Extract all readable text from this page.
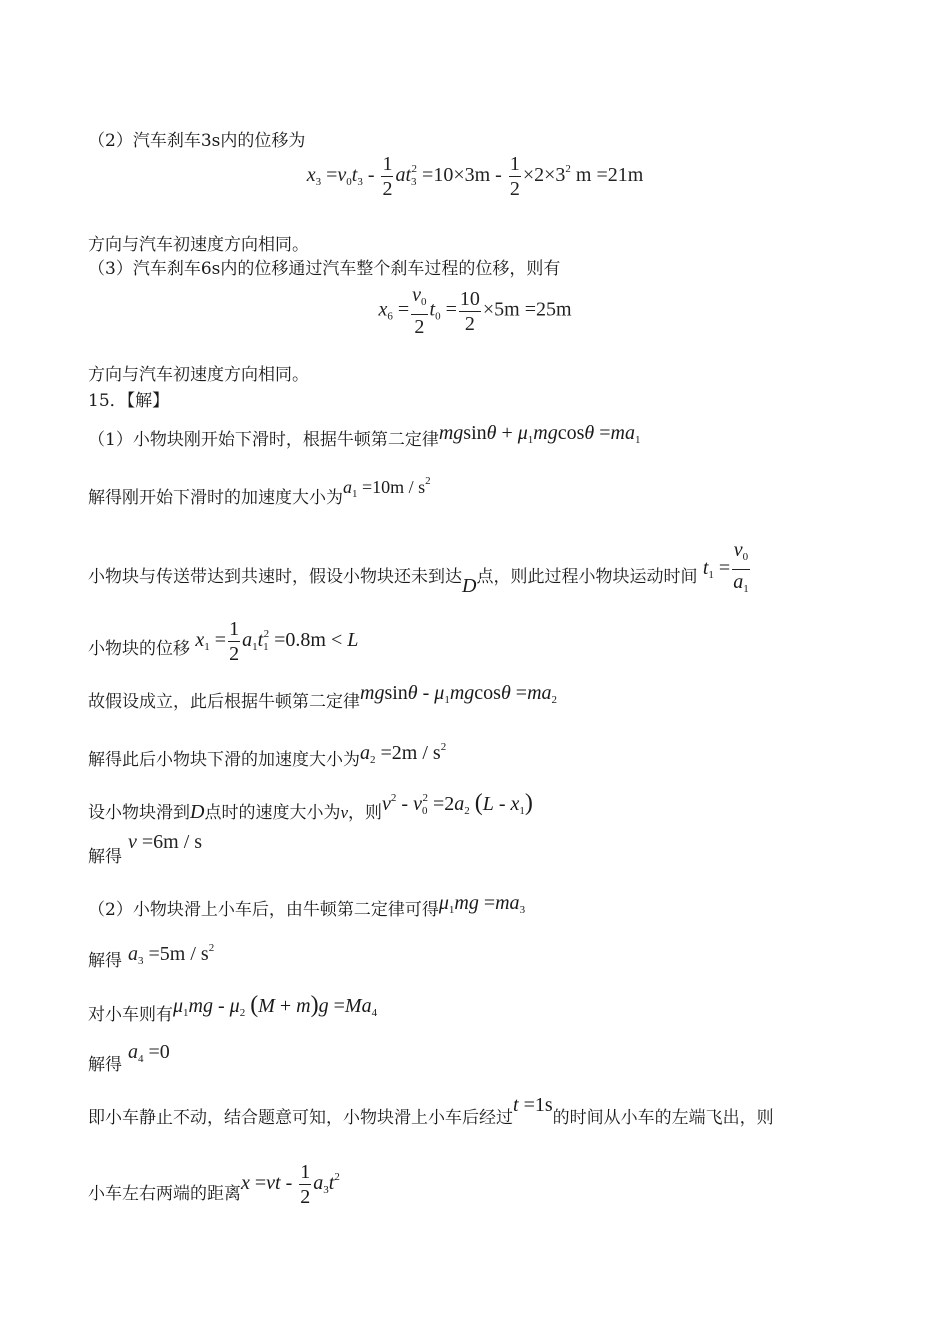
（2）汽车刹车3s内的位移为
$x_3 =v_0t_3 - \frac{1}{2} at_3^2 =10\times 3m - \frac{1}{2} \times 2\times 3^2$ m =21m
方向与汽车初速度方向相同。
（3）汽车刹车6s内的位移通过汽车整个刹车过程的位移，则有
$x_6 = \frac{v_0}{2} t_0 = \frac{10}{2} \times 5m =25m$
方向与汽车初速度方向相同。
15．【解】
（1）小物块刚开始下滑时，根据牛顿第二定律$mgsin\theta + \mu_1mgcos\theta =ma_1$
解得刚开始下滑时的加速度大小为$a_1 =10m / s^2$
小物块与传送带达到共速时，假设小物块还未到达D点，则此过程小物块运动时间 $t_1 = \frac{v_0}{a_1}$
小物块的位移 $x_1 = \frac{1}{2} a_1t_1^2 =0.8m < L$
故假设成立，此后根据牛顿第二定律$mgsin\theta - \mu_1mgcos\theta =ma_2$
解得此后小物块下滑的加速度大小为$a_2 =2m / s^2$
设小物块滑到D点时的速度大小为v，则$v^2 - v_0^2 =2a_2$ $(L - x_1)$
v =6m / s
解得
（2）小物块滑上小车后，由牛顿第二定律可得$\mu_1mg =ma_3$
$a_3 =5m / s^2$
解得
对小车则有$\mu_1mg - \mu_2$ $(M + m)g =Ma_4$
$a_4 =0$
解得
即小车静止不动，结合题意可知，小物块滑上小车后经过t =1s的时间从小车的左端飞出，则
小车左右两端的距离$x =vt - \frac{1}{2} a_3t^2$
